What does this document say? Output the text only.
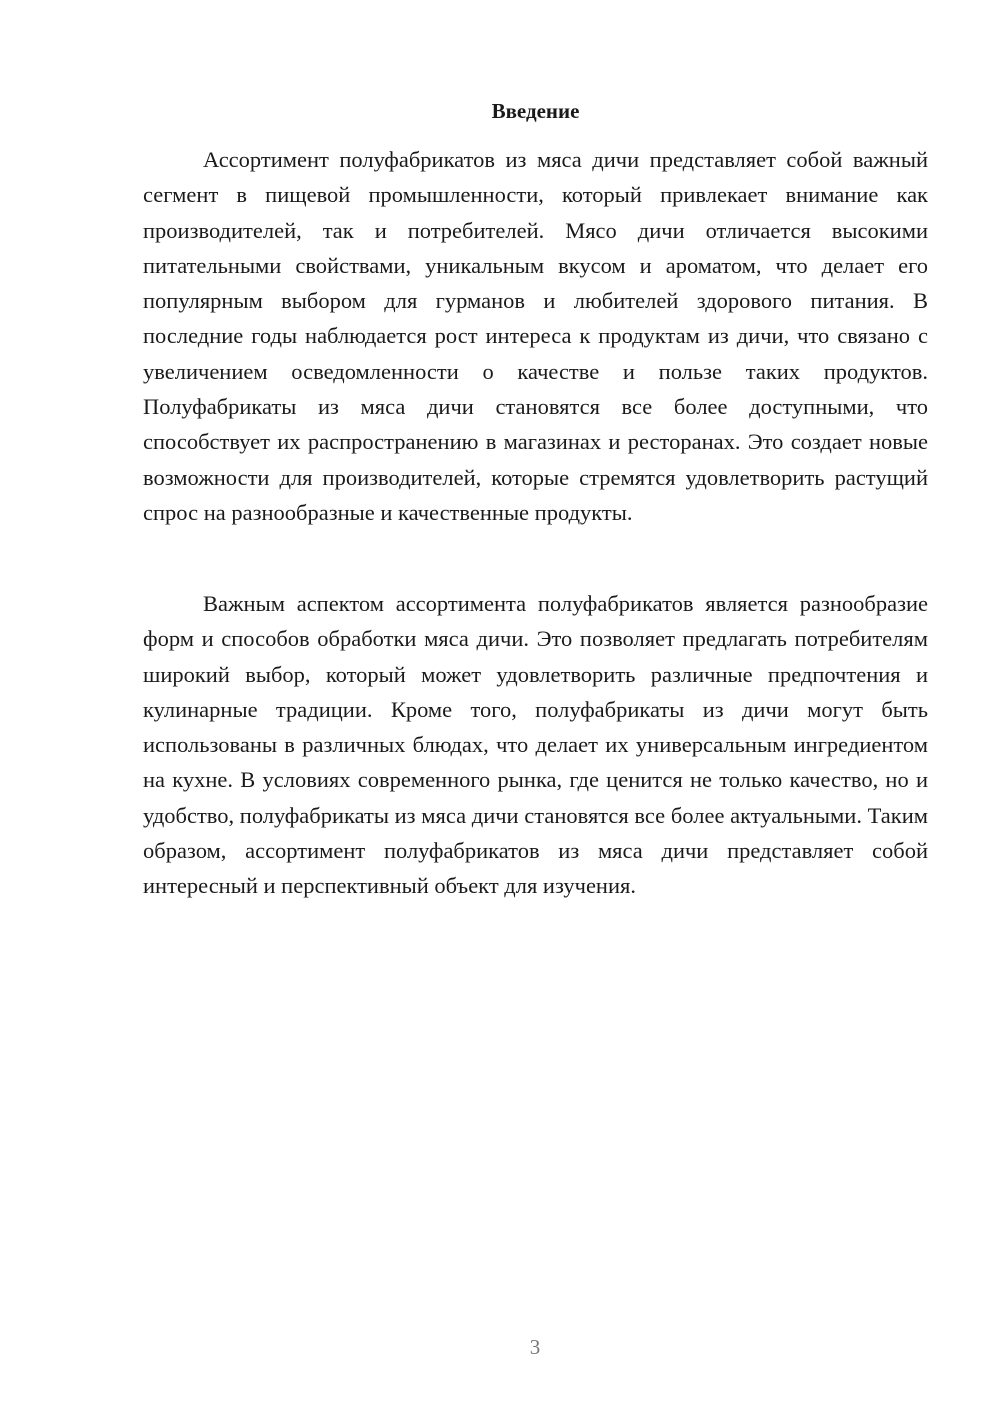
Введение

Ассортимент полуфабрикатов из мяса дичи представляет собой важный сегмент в пищевой промышленности, который привлекает внимание как производителей, так и потребителей. Мясо дичи отличается высокими питательными свойствами, уникальным вкусом и ароматом, что делает его популярным выбором для гурманов и любителей здорового питания. В последние годы наблюдается рост интереса к продуктам из дичи, что связано с увеличением осведомленности о качестве и пользе таких продуктов. Полуфабрикаты из мяса дичи становятся все более доступными, что способствует их распространению в магазинах и ресторанах. Это создает новые возможности для производителей, которые стремятся удовлетворить растущий спрос на разнообразные и качественные продукты.

Важным аспектом ассортимента полуфабрикатов является разнообразие форм и способов обработки мяса дичи. Это позволяет предлагать потребителям широкий выбор, который может удовлетворить различные предпочтения и кулинарные традиции. Кроме того, полуфабрикаты из дичи могут быть использованы в различных блюдах, что делает их универсальным ингредиентом на кухне. В условиях современного рынка, где ценится не только качество, но и удобство, полуфабрикаты из мяса дичи становятся все более актуальными. Таким образом, ассортимент полуфабрикатов из мяса дичи представляет собой интересный и перспективный объект для изучения.

3
